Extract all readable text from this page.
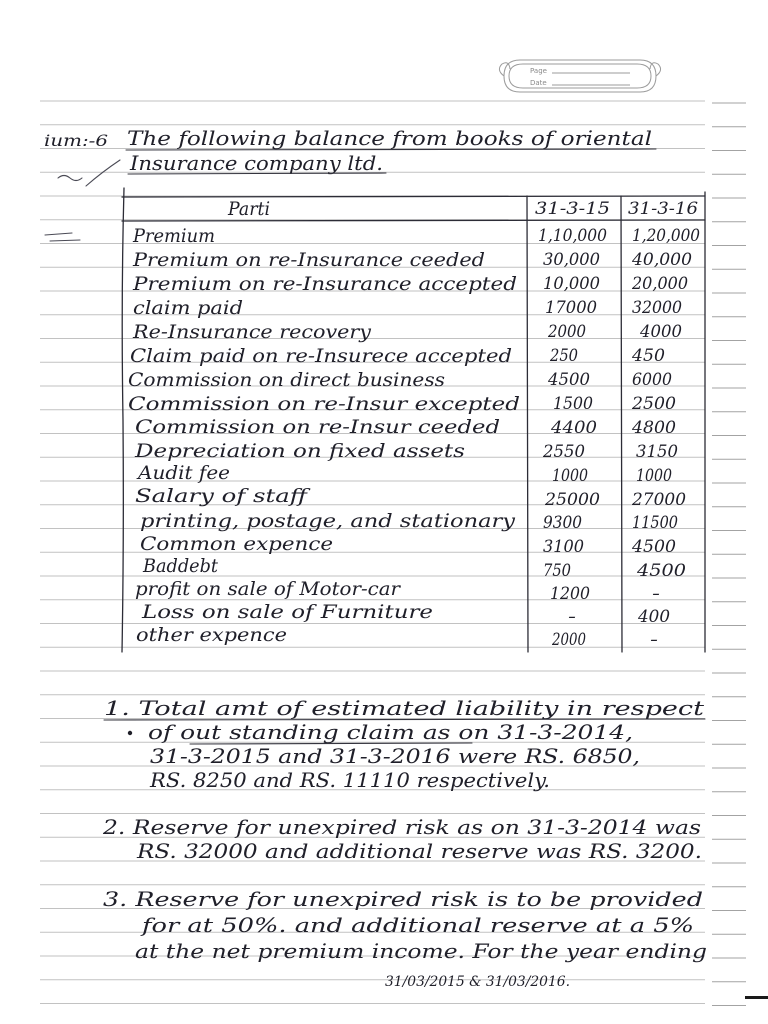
Page
Date
ium:-6 The following balance from books of oriental
Insurance company ltd.
Parti	31-3-15 31-3-16
Premium	1,10,000 1,20,000
Premium on re-Insurance ceeded	30,000 40,000
Premium on re-Insurance accepted 10,000 20,000
claim paid	17000 32000
Re-Insurance recovery	2000	4000
Claim paid on re-Insurece accepted 250	450
Commission on direct business	4500 6000
Commission on re-Insur excepted 1500 2500
Commission on re-Insur ceeded	4400 4800
Depreciation on fixed assets	2550	3150
Audit fee	1000	1000
Salary of staff	25000 27000
printing, postage, and stationary 9300	11500
Common expence	3100	4500
Baddebt	750	4500
profit on sale of Motor-car	1200	-
Loss on sale of Furniture	-	400
other expence	2000	-
1. Total amt of estimated liability in respect
of out standing claim as on 31-3-2014,
31-3-2015 and 31-3-2016 were RS. 6850,
RS. 8250 and RS. 11110 respectively.
2. Reserve for unexpired risk as on 31-3-2014 was
RS. 32000 and additional reserve was RS. 3200.
3. Reserve for unexpired risk is to be provided
for at 50%. and additional reserve at a 5%
at the net premium income. For the year ending
31/03/2015 & 31/03/2016.
